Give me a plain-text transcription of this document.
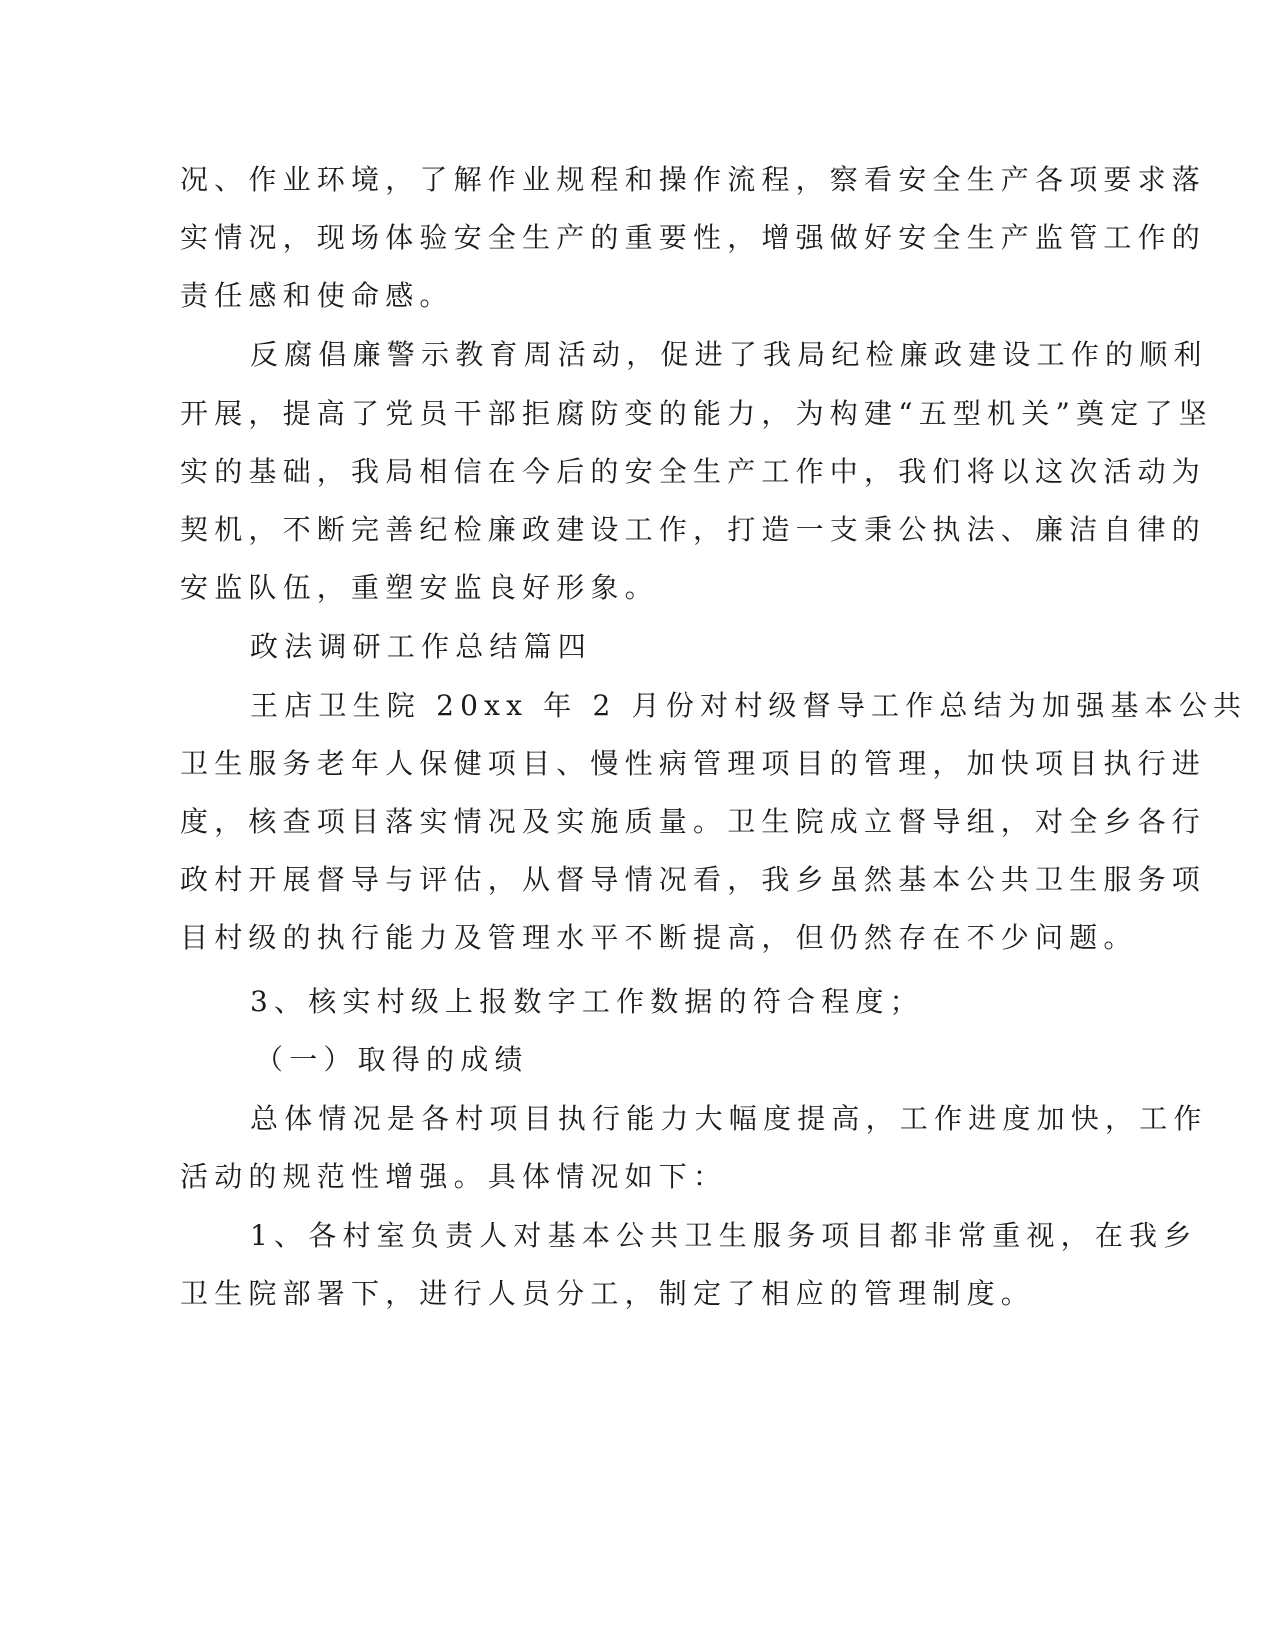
况、作业环境，了解作业规程和操作流程，察看安全生产各项要求落
实情况，现场体验安全生产的重要性，增强做好安全生产监管工作的
责任感和使命感。
反腐倡廉警示教育周活动，促进了我局纪检廉政建设工作的顺利
开展，提高了党员干部拒腐防变的能力，为构建“五型机关”奠定了坚
实的基础，我局相信在今后的安全生产工作中，我们将以这次活动为
契机，不断完善纪检廉政建设工作，打造一支秉公执法、廉洁自律的
安监队伍，重塑安监良好形象。
政法调研工作总结篇四
王店卫生院 20xx 年 2 月份对村级督导工作总结为加强基本公共
卫生服务老年人保健项目、慢性病管理项目的管理，加快项目执行进
度，核查项目落实情况及实施质量。卫生院成立督导组，对全乡各行
政村开展督导与评估，从督导情况看，我乡虽然基本公共卫生服务项
目村级的执行能力及管理水平不断提高，但仍然存在不少问题。
3、核实村级上报数字工作数据的符合程度；
（一）取得的成绩
总体情况是各村项目执行能力大幅度提高，工作进度加快，工作
活动的规范性增强。具体情况如下：
1、各村室负责人对基本公共卫生服务项目都非常重视，在我乡
卫生院部署下，进行人员分工，制定了相应的管理制度。
